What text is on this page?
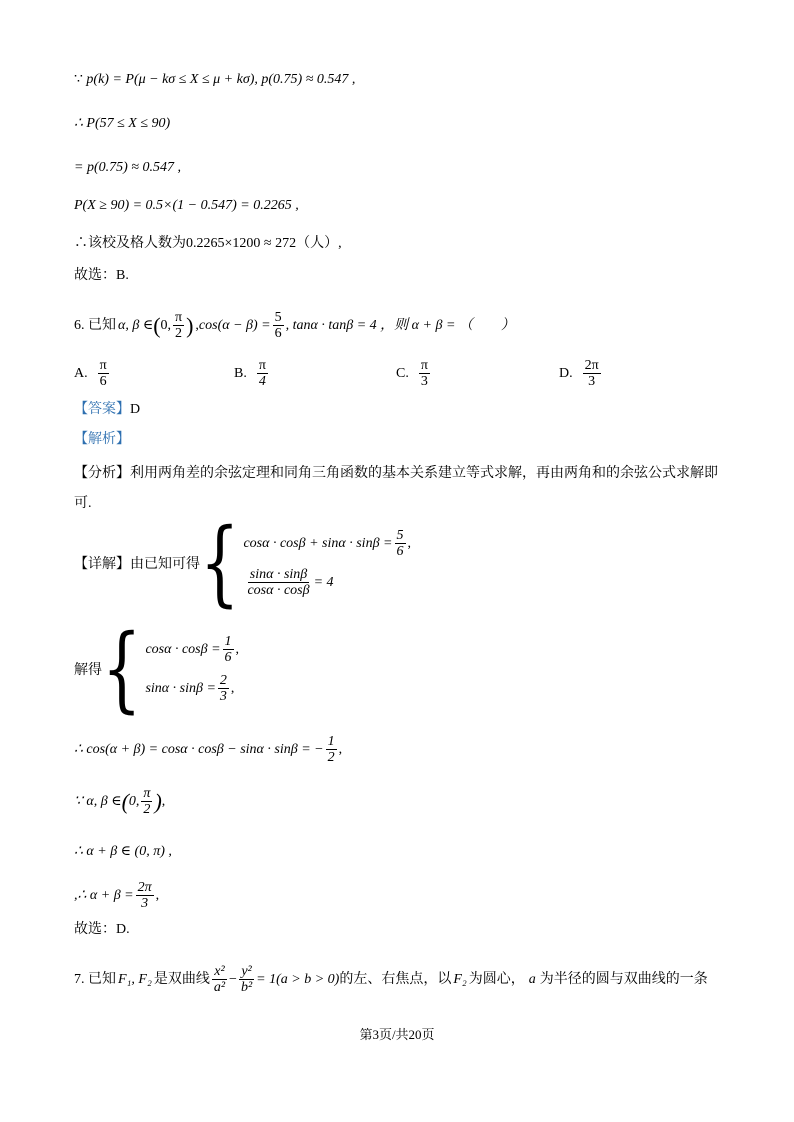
∵ p(k) = P(μ − kσ ≤ X ≤ μ + kσ), p(0.75) ≈ 0.547 ,
∴ P(57 ≤ X ≤ 90)
= p(0.75) ≈ 0.547 ,
P(X ≥ 90) = 0.5×(1 − 0.547) = 0.2265 ,
∴该校及格人数为0.2265×1200 ≈ 272（人）,
故选：B.
6. 已知 α, β ∈ ( 0, $\frac{\pi}{2}$ ) , $\cos(\alpha - \beta) = \frac{5}{6}$ , tanα · tanβ = 4 ，则 α + β = （　　）
A. $\frac{\pi}{6}$	B. $\frac{\pi}{4}$	C. $\frac{\pi}{3}$	D. $\frac{2\pi}{3}$
【答案】D
【解析】
【分析】利用两角差的余弦定理和同角三角函数的基本关系建立等式求解，再由两角和的余弦公式求解即
可.
【详解】由已知可得 { $\cos\alpha \cdot \cos\beta + \sin\alpha \cdot \sin\beta = \frac{5}{6}$ ,
$\frac{\sin\alpha \cdot \sin\beta}{\cos\alpha \cdot \cos\beta} = 4$
解得 { $\cos\alpha \cdot \cos\beta = \frac{1}{6}$ ,
$\sin\alpha \cdot \sin\beta = \frac{2}{3}$ ,
∴ cos(α + β) = cosα · cosβ − sinα · sinβ = − $\frac{1}{2}$ ,
∵ α, β ∈ ( 0, $\frac{\pi}{2}$ ) ,
∴ α + β ∈ (0, π) ,
,∴ $\alpha + \beta = \frac{2\pi}{3}$ ,
故选：D.
7. 已知 F₁, F₂ 是双曲线 $\frac{\text{x²}}{\text{a²}} - \frac{\text{y²}}{\text{b²}} = 1(a > b > 0)$ 的左、右焦点，以 F₂ 为圆心， a 为半径的圆与双曲线的一条
第3页/共20页
